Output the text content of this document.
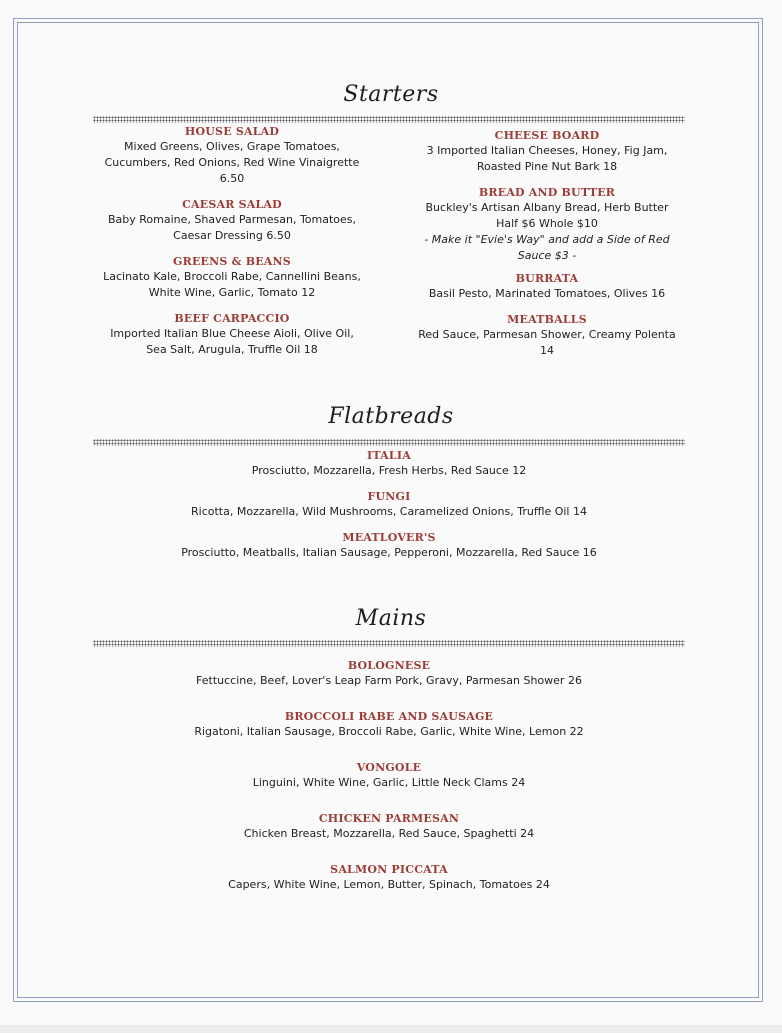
Starters
HOUSE SALAD
Mixed Greens, Olives, Grape Tomatoes,
Cucumbers, Red Onions, Red Wine Vinaigrette
6.50
CAESAR SALAD
Baby Romaine, Shaved Parmesan, Tomatoes,
Caesar Dressing 6.50
GREENS & BEANS
Lacinato Kale, Broccoli Rabe, Cannellini Beans,
White Wine, Garlic, Tomato 12
BEEF CARPACCIO
Imported Italian Blue Cheese Aioli, Olive Oil,
Sea Salt, Arugula, Truffle Oil 18
CHEESE BOARD
3 Imported Italian Cheeses, Honey, Fig Jam,
Roasted Pine Nut Bark 18
BREAD AND BUTTER
Buckley's Artisan Albany Bread, Herb Butter
Half $6 Whole $10
- Make it "Evie's Way" and add a Side of Red
Sauce $3 -
BURRATA
Basil Pesto, Marinated Tomatoes, Olives 16
MEATBALLS
Red Sauce, Parmesan Shower, Creamy Polenta
14
Flatbreads
ITALIA
Prosciutto, Mozzarella, Fresh Herbs, Red Sauce 12
FUNGI
Ricotta, Mozzarella, Wild Mushrooms, Caramelized Onions, Truffle Oil 14
MEATLOVER'S
Prosciutto, Meatballs, Italian Sausage, Pepperoni, Mozzarella, Red Sauce 16
Mains
BOLOGNESE
Fettuccine, Beef, Lover's Leap Farm Pork, Gravy, Parmesan Shower 26
BROCCOLI RABE AND SAUSAGE
Rigatoni, Italian Sausage, Broccoli Rabe, Garlic, White Wine, Lemon 22
VONGOLE
Linguini, White Wine, Garlic, Little Neck Clams 24
CHICKEN PARMESAN
Chicken Breast, Mozzarella, Red Sauce, Spaghetti 24
SALMON PICCATA
Capers, White Wine, Lemon, Butter, Spinach, Tomatoes 24
